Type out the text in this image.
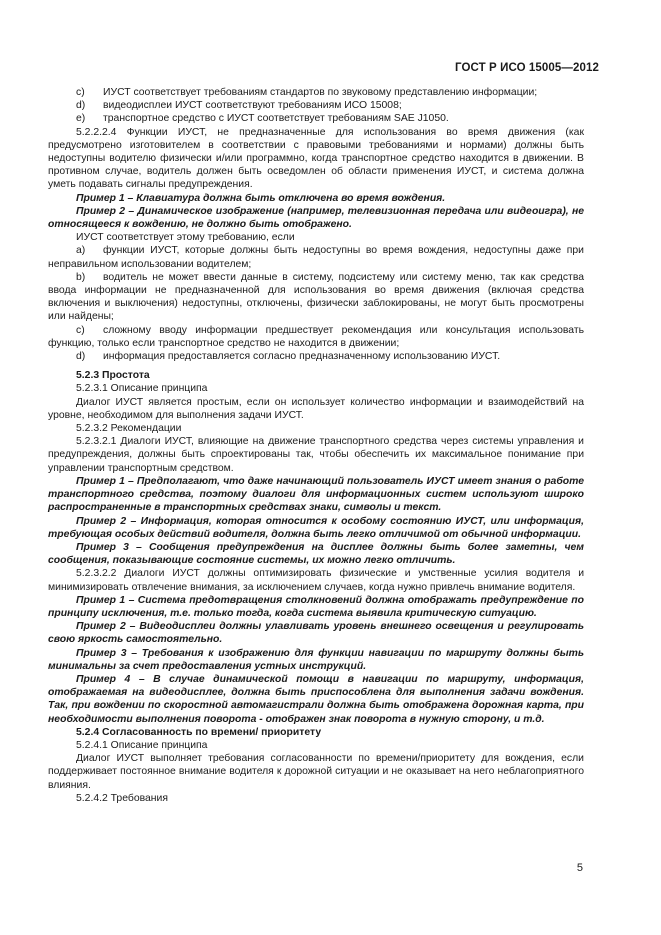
ГОСТ Р ИСО 15005—2012
c)	ИУСТ соответствует требованиям стандартов по звуковому представлению информации;
d)	видеодисплеи ИУСТ соответствуют требованиям ИСО 15008;
e)	транспортное средство с ИУСТ соответствует требованиям SAE J1050.

5.2.2.2.4 Функции ИУСТ, не предназначенные для использования во время движения (как предусмотрено изготовителем в соответствии с правовыми требованиями и нормами) должны быть недоступны водителю физически и/или программно, когда транспортное средство находится в движении. В противном случае, водитель должен быть осведомлен об области применения ИУСТ, и система должна уметь подавать сигналы предупреждения.

Пример 1 – Клавиатура должна быть отключена во время вождения.

Пример 2 – Динамическое изображение (например, телевизионная передача или видеоигра), не относящееся к вождению, не должно быть отображено.

ИУСТ соответствует этому требованию, если

a) функции ИУСТ, которые должны быть недоступны во время вождения, недоступны даже при неправильном использовании водителем;

b) водитель не может ввести данные в систему, подсистему или систему меню, так как средства ввода информации не предназначенной для использования во время движения (включая средства включения и выключения) недоступны, отключены, физически заблокированы, не могут быть просмотрены или найдены;

c) сложному вводу информации предшествует рекомендация или консультация использовать функцию, только если транспортное средство не находится в движении;

d) информация предоставляется согласно предназначенному использованию ИУСТ.

5.2.3 Простота

5.2.3.1 Описание принципа

Диалог ИУСТ является простым, если он использует количество информации и взаимодействий на уровне, необходимом для выполнения задачи ИУСТ.

5.2.3.2 Рекомендации

5.2.3.2.1 Диалоги ИУСТ, влияющие на движение транспортного средства через системы управления и предупреждения, должны быть спроектированы так, чтобы обеспечить их максимальное понимание при управлении транспортным средством.

Пример 1 – Предполагают, что даже начинающий пользователь ИУСТ имеет знания о работе транспортного средства, поэтому диалоги для информационных систем используют широко распространенные в транспортных средствах знаки, символы и текст.

Пример 2 – Информация, которая относится к особому состоянию ИУСТ, или информация, требующая особых действий водителя, должна быть легко отличимой от обычной информации.

Пример 3 – Сообщения предупреждения на дисплее должны быть более заметны, чем сообщения, показывающие состояние системы, их можно легко отличить.

5.2.3.2.2 Диалоги ИУСТ должны оптимизировать физические и умственные усилия водителя и минимизировать отвлечение внимания, за исключением случаев, когда нужно привлечь внимание водителя.

Пример 1 – Система предотвращения столкновений должна отображать предупреждение по принципу исключения, т.е. только тогда, когда система выявила критическую ситуацию.

Пример 2 – Видеодисплеи должны улавливать уровень внешнего освещения и регулировать свою яркость самостоятельно.

Пример 3 – Требования к изображению для функции навигации по маршруту должны быть минимальны за счет предоставления устных инструкций.

Пример 4 – В случае динамической помощи в навигации по маршруту, информация, отображаемая на видеодисплее, должна быть приспособлена для выполнения задачи вождения. Так, при вождении по скоростной автомагистрали должна быть отображена дорожная карта, при необходимости выполнения поворота - отображен знак поворота в нужную сторону, и т.д.

5.2.4 Согласованность по времени/ приоритету

5.2.4.1 Описание принципа

Диалог ИУСТ выполняет требования согласованности по времени/приоритету для вождения, если поддерживает постоянное внимание водителя к дорожной ситуации и не оказывает на него неблагоприятного влияния.

5.2.4.2 Требования

5
